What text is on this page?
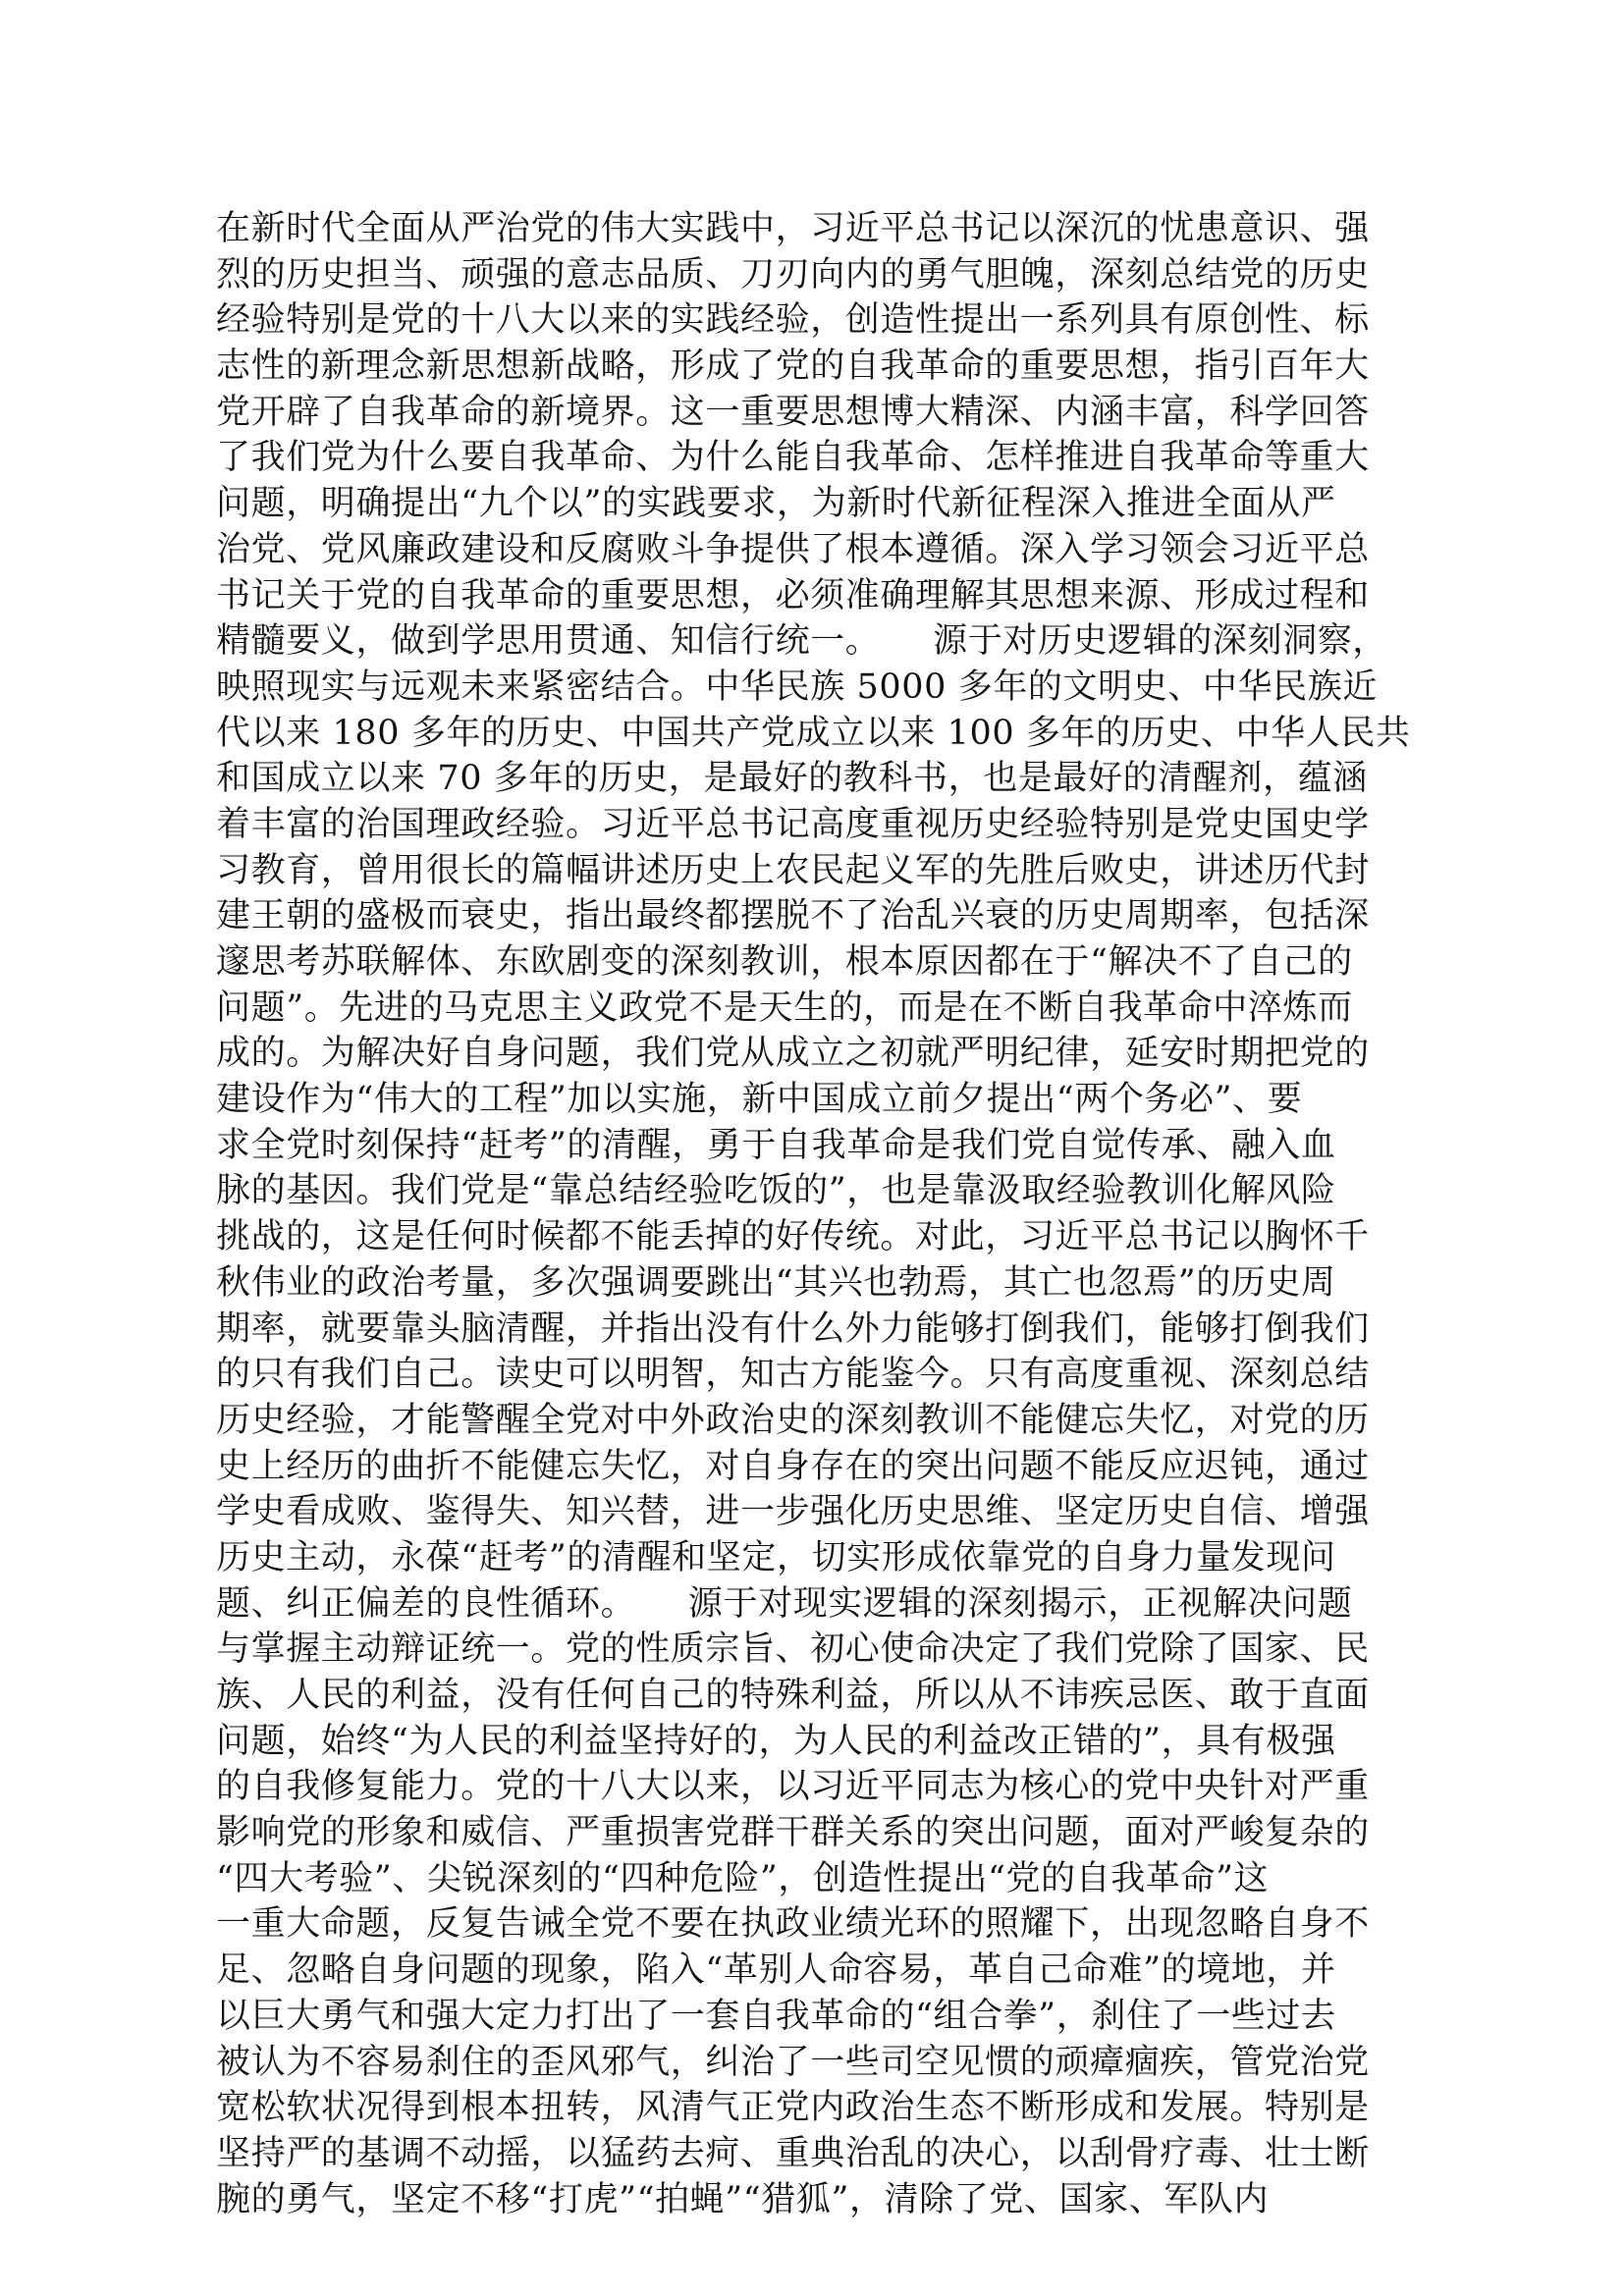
在新时代全面从严治党的伟大实践中，习近平总书记以深沉的忧患意识、强
烈的历史担当、顽强的意志品质、刀刃向内的勇气胆魄，深刻总结党的历史
经验特别是党的十八大以来的实践经验，创造性提出一系列具有原创性、标
志性的新理念新思想新战略，形成了党的自我革命的重要思想，指引百年大
党开辟了自我革命的新境界。这一重要思想博大精深、内涵丰富，科学回答
了我们党为什么要自我革命、为什么能自我革命、怎样推进自我革命等重大
问题，明确提出“九个以”的实践要求，为新时代新征程深入推进全面从严
治党、党风廉政建设和反腐败斗争提供了根本遵循。深入学习领会习近平总
书记关于党的自我革命的重要思想，必须准确理解其思想来源、形成过程和
精髓要义，做到学思用贯通、知信行统一。　　源于对历史逻辑的深刻洞察，
映照现实与远观未来紧密结合。中华民族 5000 多年的文明史、中华民族近
代以来 180 多年的历史、中国共产党成立以来 100 多年的历史、中华人民共
和国成立以来 70 多年的历史，是最好的教科书，也是最好的清醒剂，蕴涵
着丰富的治国理政经验。习近平总书记高度重视历史经验特别是党史国史学
习教育，曾用很长的篇幅讲述历史上农民起义军的先胜后败史，讲述历代封
建王朝的盛极而衰史，指出最终都摆脱不了治乱兴衰的历史周期率，包括深
邃思考苏联解体、东欧剧变的深刻教训，根本原因都在于“解决不了自己的
问题”。先进的马克思主义政党不是天生的，而是在不断自我革命中淬炼而
成的。为解决好自身问题，我们党从成立之初就严明纪律，延安时期把党的
建设作为“伟大的工程”加以实施，新中国成立前夕提出“两个务必”、要
求全党时刻保持“赶考”的清醒，勇于自我革命是我们党自觉传承、融入血
脉的基因。我们党是“靠总结经验吃饭的”，也是靠汲取经验教训化解风险
挑战的，这是任何时候都不能丢掉的好传统。对此，习近平总书记以胸怀千
秋伟业的政治考量，多次强调要跳出“其兴也勃焉，其亡也忽焉”的历史周
期率，就要靠头脑清醒，并指出没有什么外力能够打倒我们，能够打倒我们
的只有我们自己。读史可以明智，知古方能鉴今。只有高度重视、深刻总结
历史经验，才能警醒全党对中外政治史的深刻教训不能健忘失忆，对党的历
史上经历的曲折不能健忘失忆，对自身存在的突出问题不能反应迟钝，通过
学史看成败、鉴得失、知兴替，进一步强化历史思维、坚定历史自信、增强
历史主动，永葆“赶考”的清醒和坚定，切实形成依靠党的自身力量发现问
题、纠正偏差的良性循环。　　源于对现实逻辑的深刻揭示，正视解决问题
与掌握主动辩证统一。党的性质宗旨、初心使命决定了我们党除了国家、民
族、人民的利益，没有任何自己的特殊利益，所以从不讳疾忌医、敢于直面
问题，始终“为人民的利益坚持好的，为人民的利益改正错的”，具有极强
的自我修复能力。党的十八大以来，以习近平同志为核心的党中央针对严重
影响党的形象和威信、严重损害党群干群关系的突出问题，面对严峻复杂的
“四大考验”、尖锐深刻的“四种危险”，创造性提出“党的自我革命”这
一重大命题，反复告诫全党不要在执政业绩光环的照耀下，出现忽略自身不
足、忽略自身问题的现象，陷入“革别人命容易，革自己命难”的境地，并
以巨大勇气和强大定力打出了一套自我革命的“组合拳”，刹住了一些过去
被认为不容易刹住的歪风邪气，纠治了一些司空见惯的顽瘴痼疾，管党治党
宽松软状况得到根本扭转，风清气正党内政治生态不断形成和发展。特别是
坚持严的基调不动摇，以猛药去疴、重典治乱的决心，以刮骨疗毒、壮士断
腕的勇气，坚定不移“打虎”“拍蝇”“猎狐”，清除了党、国家、军队内
